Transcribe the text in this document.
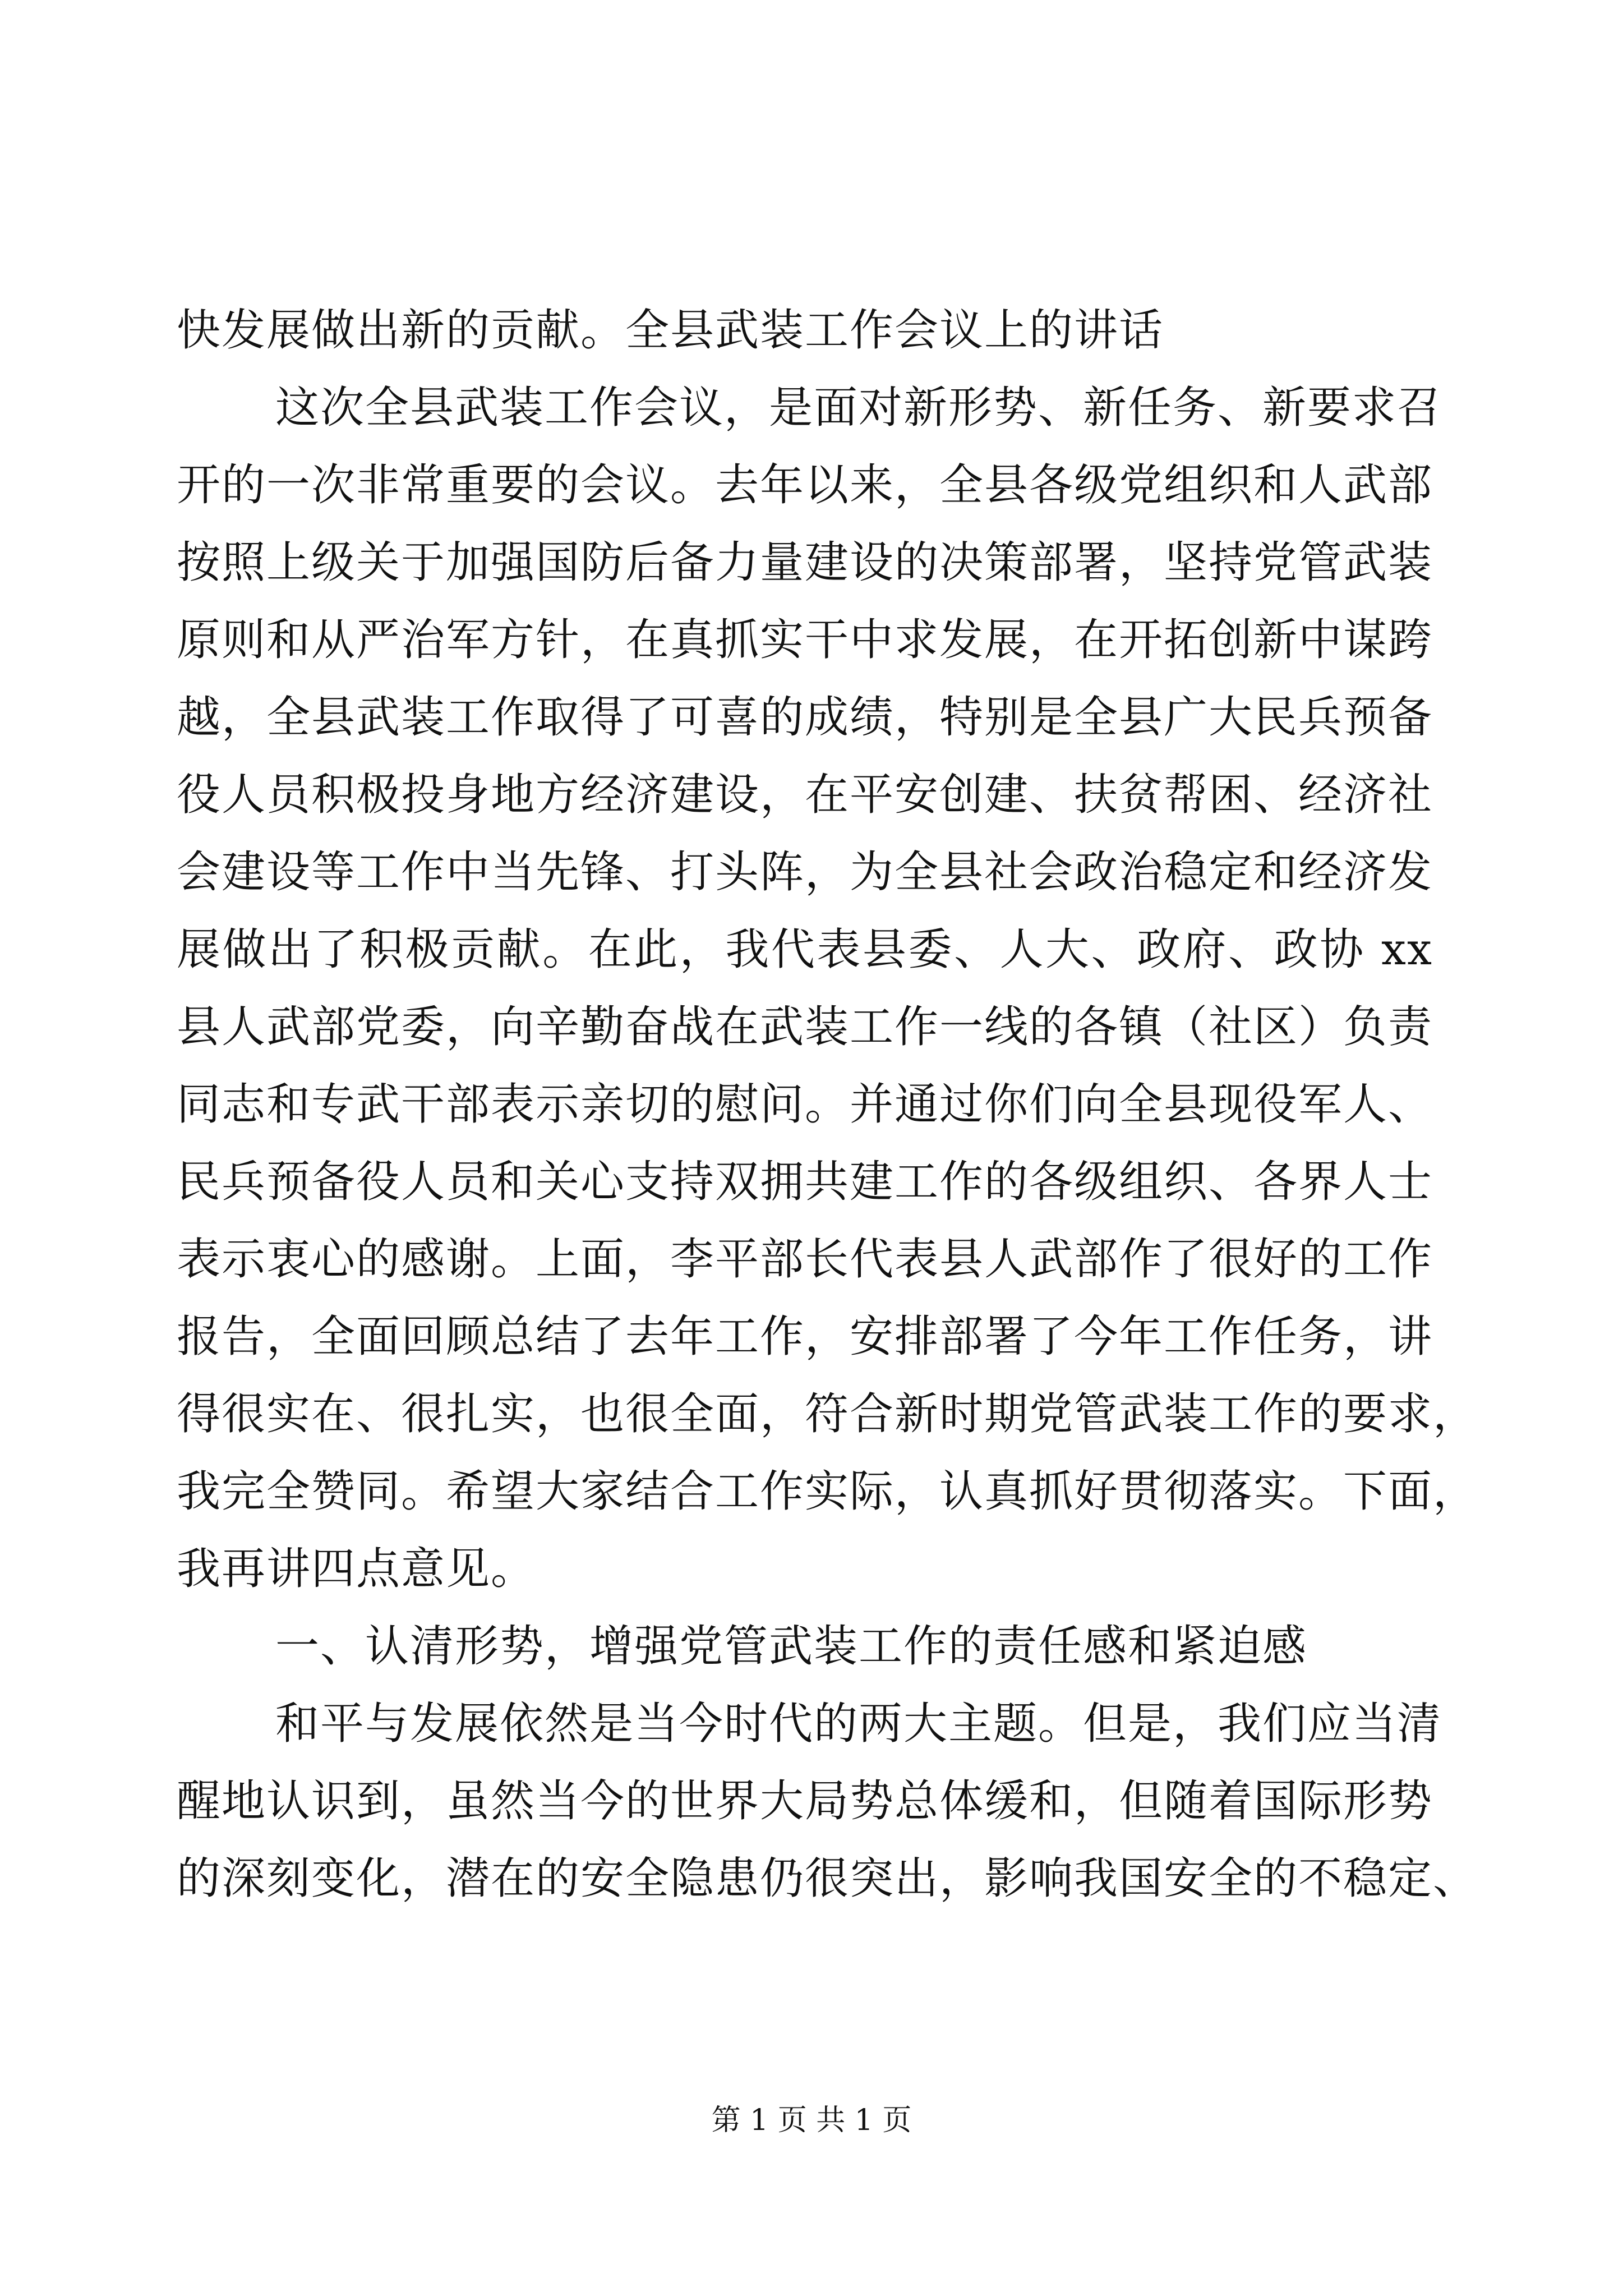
快发展做出新的贡献。全县武装工作会议上的讲话
这次全县武装工作会议，是面对新形势、新任务、新要求召
开的一次非常重要的会议。去年以来，全县各级党组织和人武部
按照上级关于加强国防后备力量建设的决策部署，坚持党管武装
原则和从严治军方针，在真抓实干中求发展，在开拓创新中谋跨
越，全县武装工作取得了可喜的成绩，特别是全县广大民兵预备
役人员积极投身地方经济建设，在平安创建、扶贫帮困、经济社
会建设等工作中当先锋、打头阵，为全县社会政治稳定和经济发
展做出了积极贡献。在此，我代表县委、人大、政府、政协 xx
县人武部党委，向辛勤奋战在武装工作一线的各镇（社区）负责
同志和专武干部表示亲切的慰问。并通过你们向全县现役军人、
民兵预备役人员和关心支持双拥共建工作的各级组织、各界人士
表示衷心的感谢。上面，李平部长代表县人武部作了很好的工作
报告，全面回顾总结了去年工作，安排部署了今年工作任务，讲
得很实在、很扎实，也很全面，符合新时期党管武装工作的要求，
我完全赞同。希望大家结合工作实际，认真抓好贯彻落实。下面，
我再讲四点意见。
一、认清形势，增强党管武装工作的责任感和紧迫感
和平与发展依然是当今时代的两大主题。但是，我们应当清
醒地认识到，虽然当今的世界大局势总体缓和，但随着国际形势
的深刻变化，潜在的安全隐患仍很突出，影响我国安全的不稳定、
第 1 页 共 1 页
